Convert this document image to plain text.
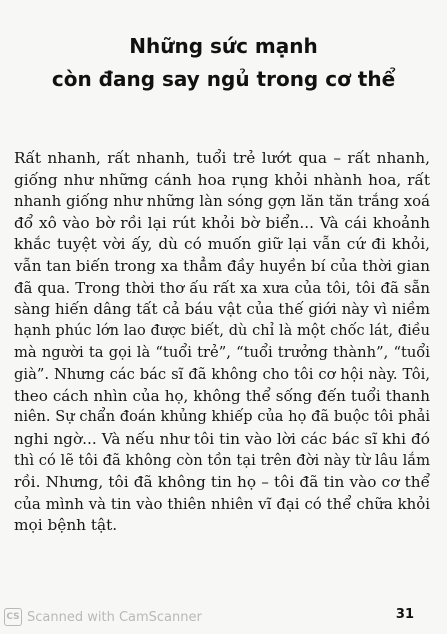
Những sức mạnh
còn đang say ngủ trong cơ thể
Rất nhanh, rất nhanh, tuổi trẻ lướt qua – rất nhanh,
giống như những cánh hoa rụng khỏi nhành hoa, rất
nhanh giống như những làn sóng gợn lăn tăn trắng xoá
đổ xô vào bờ rồi lại rút khỏi bờ biển... Và cái khoảnh
khắc tuyệt vời ấy, dù có muốn giữ lại vẫn cứ đi khỏi,
vẫn tan biến trong xa thẳm đầy huyền bí của thời gian
đã qua. Trong thời thơ ấu rất xa xưa của tôi, tôi đã sẵn
sàng hiến dâng tất cả báu vật của thế giới này vì niềm
hạnh phúc lớn lao được biết, dù chỉ là một chốc lát, điều
mà người ta gọi là “tuổi trẻ”, “tuổi trưởng thành”, “tuổi
già”. Nhưng các bác sĩ đã không cho tôi cơ hội này. Tôi,
theo cách nhìn của họ, không thể sống đến tuổi thanh
niên. Sự chẩn đoán khủng khiếp của họ đã buộc tôi phải
nghi ngờ... Và nếu như tôi tin vào lời các bác sĩ khi đó
thì có lẽ tôi đã không còn tồn tại trên đời này từ lâu lắm
rồi. Nhưng, tôi đã không tin họ – tôi đã tin vào cơ thể
của mình và tin vào thiên nhiên vĩ đại có thể chữa khỏi
mọi bệnh tật.
CS Scanned with CamScanner	31
